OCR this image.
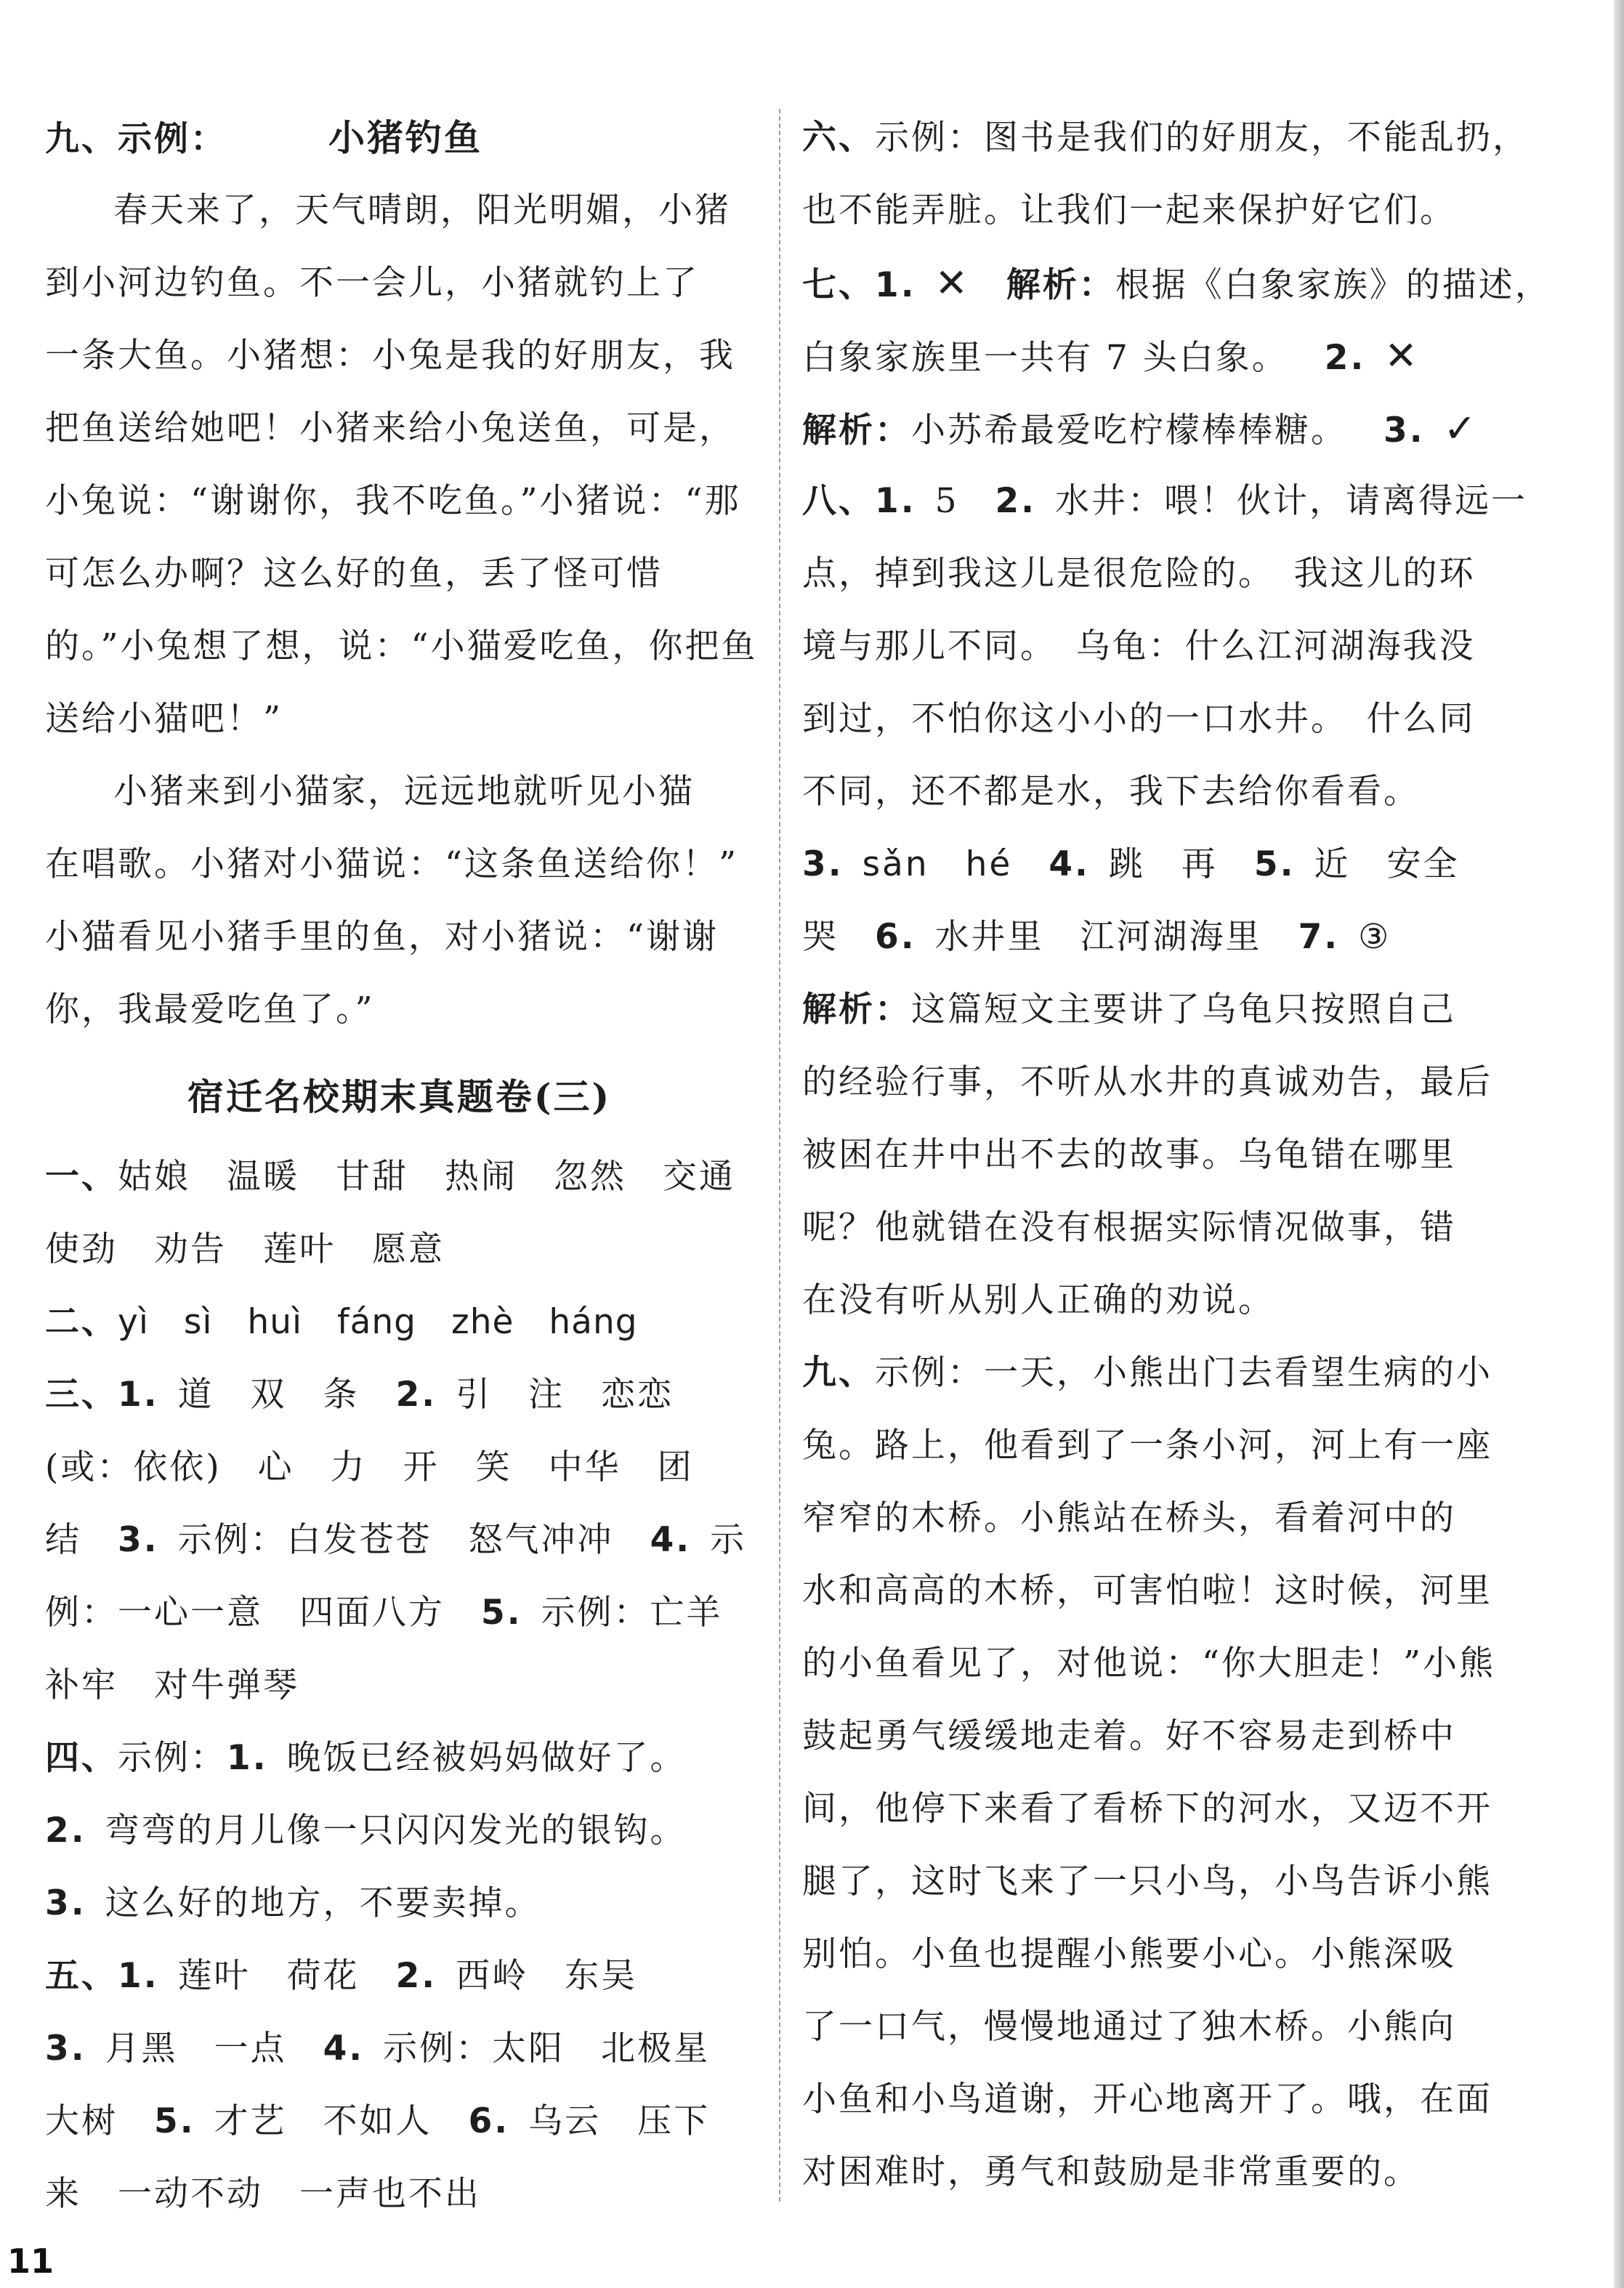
九、示例：	小猪钓鱼
春天来了，天气晴朗，阳光明媚，小猪
到小河边钓鱼。不一会儿，小猪就钓上了
一条大鱼。小猪想：小兔是我的好朋友，我
把鱼送给她吧！小猪来给小兔送鱼，可是，
小兔说：“谢谢你，我不吃鱼。”小猪说：“那
可怎么办啊？这么好的鱼，丢了怪可惜
的。”小兔想了想，说：“小猫爱吃鱼，你把鱼
送给小猫吧！”
小猪来到小猫家，远远地就听见小猫
在唱歌。小猪对小猫说：“这条鱼送给你！”
小猫看见小猪手里的鱼，对小猪说：“谢谢
你，我最爱吃鱼了。”
宿迁名校期末真题卷(三)
一、姑娘　温暖　甘甜　热闹　忽然　交通
使劲　劝告　莲叶　愿意
二、yì　sì　huì　fáng　zhè　háng
三、1. 道　双　条 2. 引　注　恋恋
(或：依依)　心　力　开　笑　中华　团
结 3. 示例：白发苍苍　怒气冲冲 4. 示
例：一心一意　四面八方 5. 示例：亡羊
补牢　对牛弹琴
四、示例：1. 晚饭已经被妈妈做好了。
2. 弯弯的月儿像一只闪闪发光的银钩。
3. 这么好的地方，不要卖掉。
五、1. 莲叶　荷花 2. 西岭　东吴
3. 月黑　一点 4. 示例：太阳　北极星
大树 5. 才艺　不如人 6. 乌云　压下
来　一动不动　一声也不出
六、示例：图书是我们的好朋友，不能乱扔，
也不能弄脏。让我们一起来保护好它们。
七、1. ✕ 解析：根据《白象家族》的描述，
白象家族里一共有 7 头白象。 2. ✕
解析：小苏希最爱吃柠檬棒棒糖。 3. ✓
八、1. 5 2. 水井：喂！伙计，请离得远一
点，掉到我这儿是很危险的。　我这儿的环
境与那儿不同。　乌龟：什么江河湖海我没
到过，不怕你这小小的一口水井。　什么同
不同，还不都是水，我下去给你看看。
3. sǎn　hé 4. 跳　再 5. 近　安全
哭 6. 水井里　江河湖海里 7. ③
解析：这篇短文主要讲了乌龟只按照自己
的经验行事，不听从水井的真诚劝告，最后
被困在井中出不去的故事。乌龟错在哪里
呢？他就错在没有根据实际情况做事，错
在没有听从别人正确的劝说。
九、示例：一天，小熊出门去看望生病的小
兔。路上，他看到了一条小河，河上有一座
窄窄的木桥。小熊站在桥头，看着河中的
水和高高的木桥，可害怕啦！这时候，河里
的小鱼看见了，对他说：“你大胆走！”小熊
鼓起勇气缓缓地走着。好不容易走到桥中
间，他停下来看了看桥下的河水，又迈不开
腿了，这时飞来了一只小鸟，小鸟告诉小熊
别怕。小鱼也提醒小熊要小心。小熊深吸
了一口气，慢慢地通过了独木桥。小熊向
小鱼和小鸟道谢，开心地离开了。哦，在面
对困难时，勇气和鼓励是非常重要的。
11
